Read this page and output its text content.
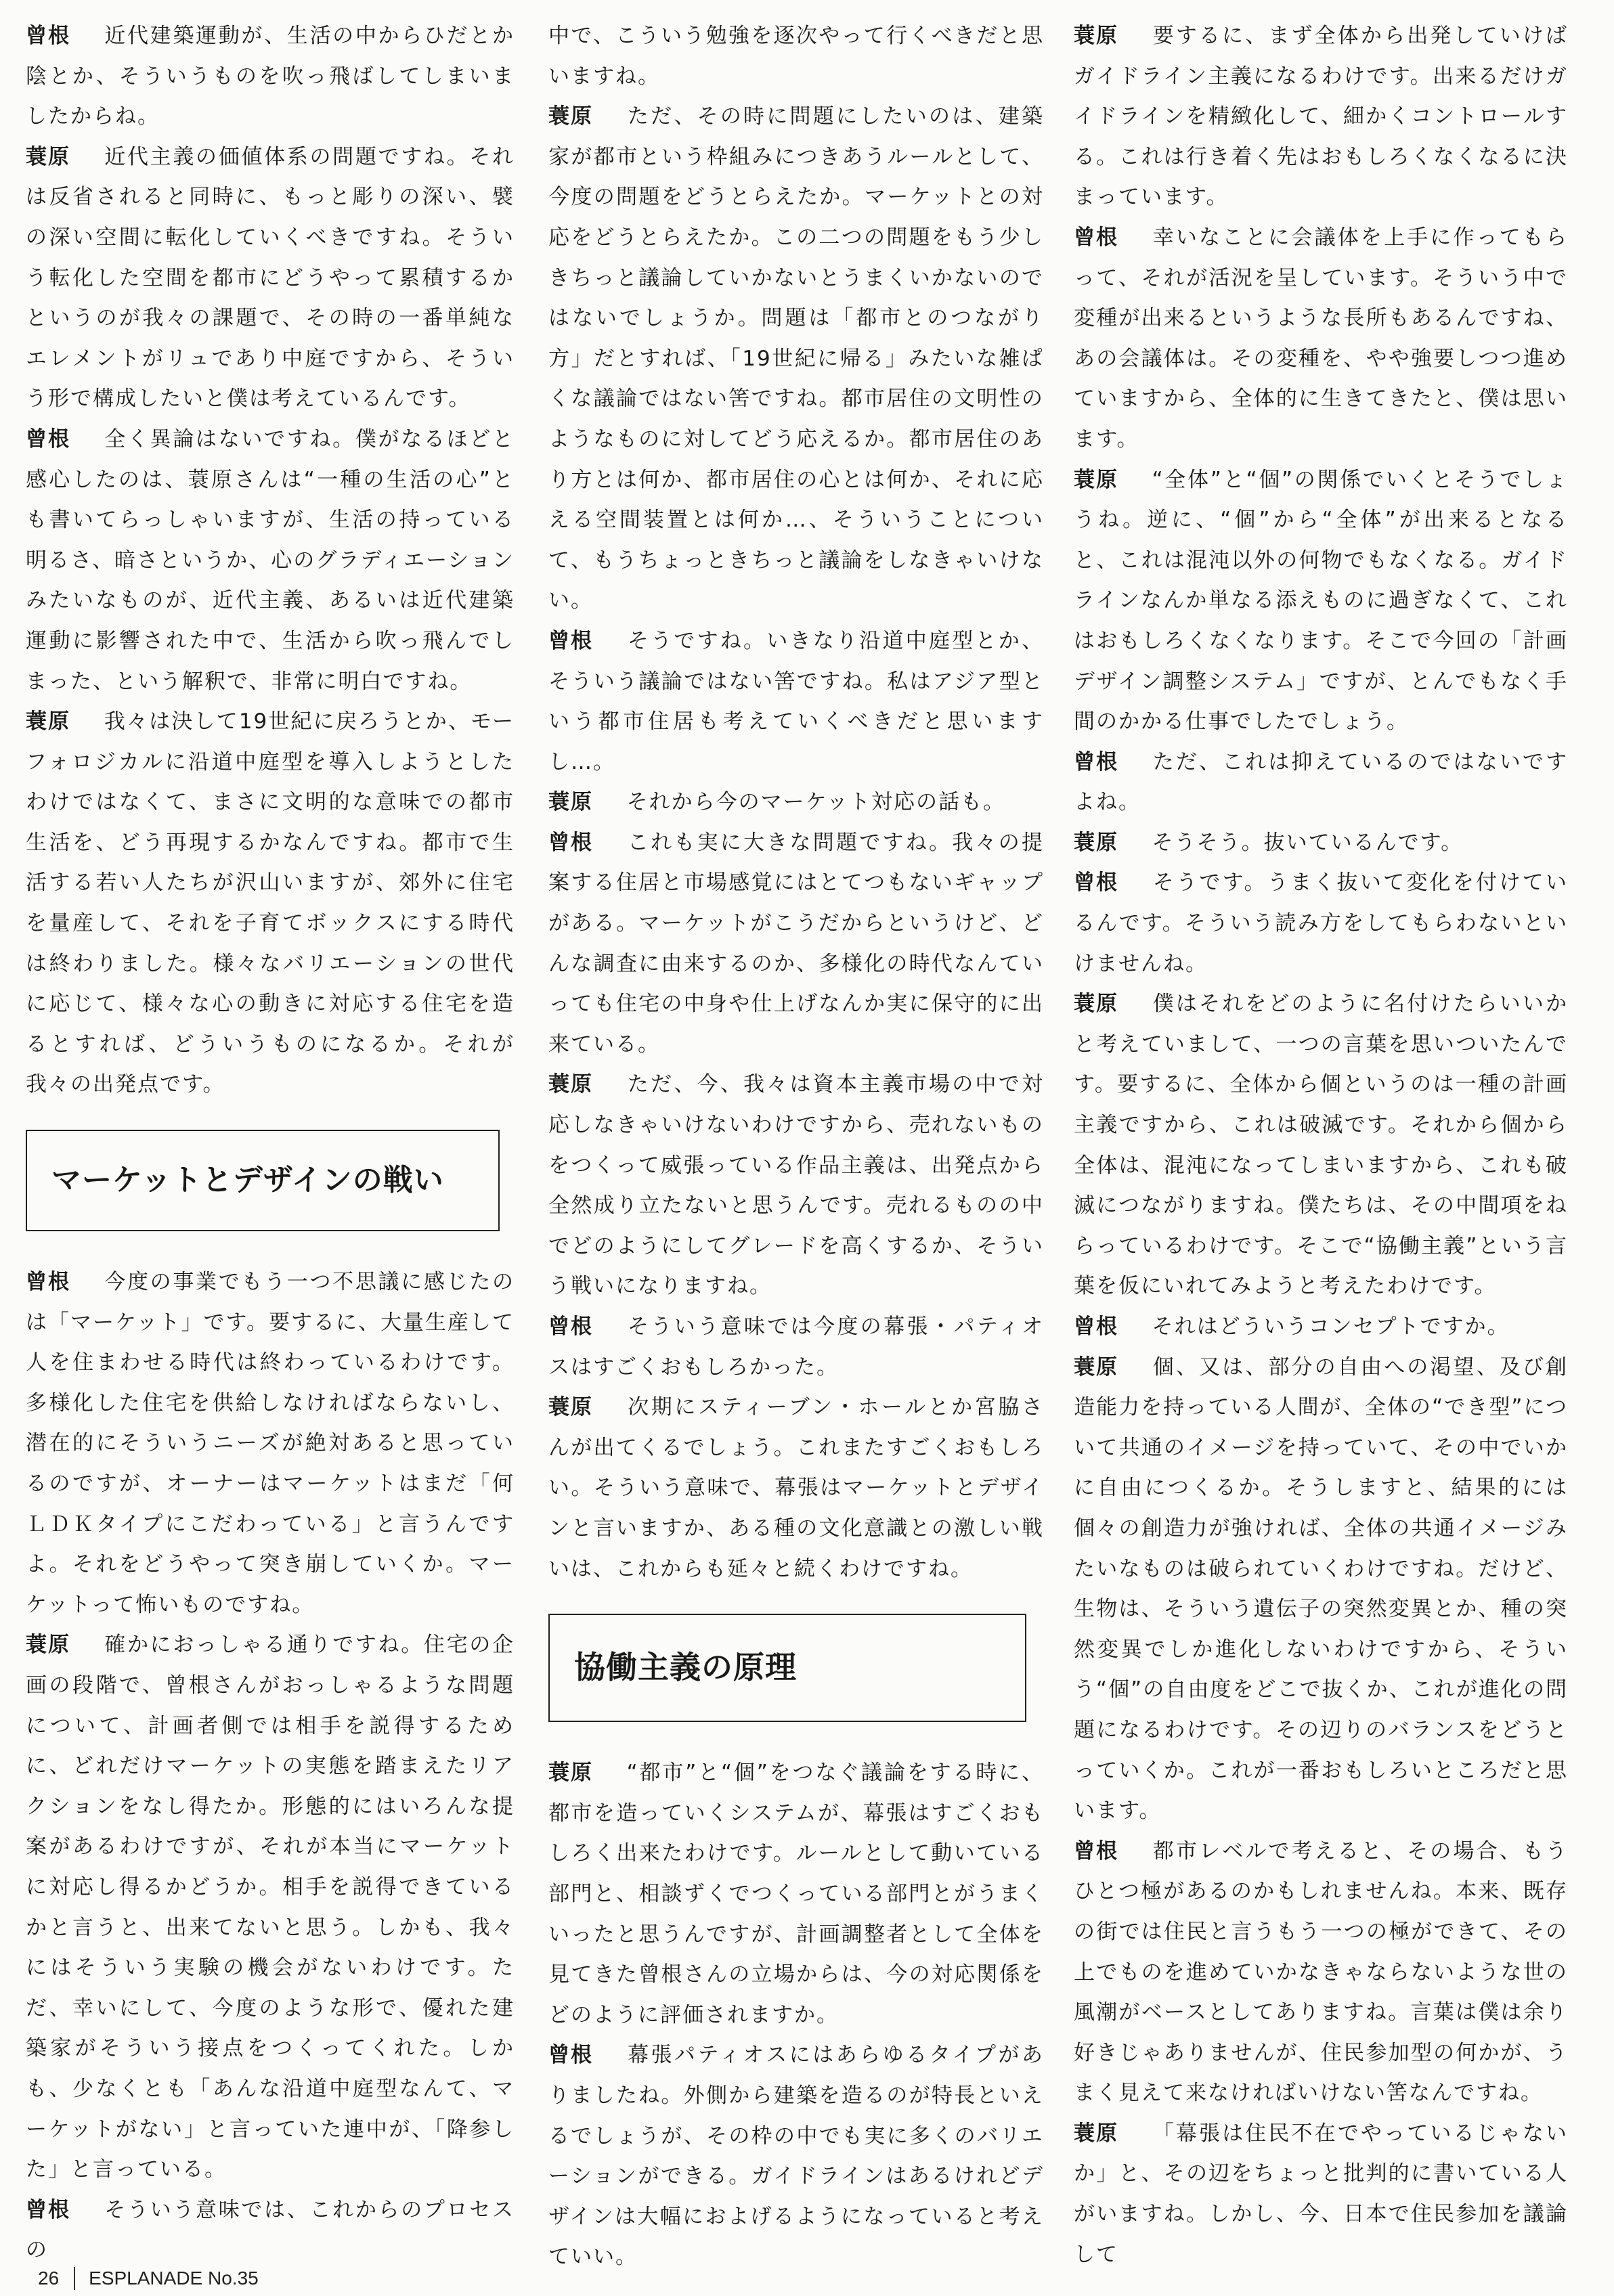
曾根 近代建築運動が、生活の中からひだとか陰とか、そういうものを吹っ飛ばしてしまいましたからね。

蓑原 近代主義の価値体系の問題ですね。それは反省されると同時に、もっと彫りの深い、襞の深い空間に転化していくべきですね。そういう転化した空間を都市にどうやって累積するかというのが我々の課題で、その時の一番単純なエレメントがリュであり中庭ですから、そういう形で構成したいと僕は考えているんです。

曾根 全く異論はないですね。僕がなるほどと感心したのは、蓑原さんは“一種の生活の心”とも書いてらっしゃいますが、生活の持っている明るさ、暗さというか、心のグラディエーションみたいなものが、近代主義、あるいは近代建築運動に影響された中で、生活から吹っ飛んでしまった、という解釈で、非常に明白ですね。

蓑原 我々は決して19世紀に戻ろうとか、モーフォロジカルに沿道中庭型を導入しようとしたわけではなくて、まさに文明的な意味での都市生活を、どう再現するかなんですね。都市で生活する若い人たちが沢山いますが、郊外に住宅を量産して、それを子育てボックスにする時代は終わりました。様々なバリエーションの世代に応じて、様々な心の動きに対応する住宅を造るとすれば、どういうものになるか。それが我々の出発点です。

マーケットとデザインの戦い

曾根 今度の事業でもう一つ不思議に感じたのは「マーケット」です。要するに、大量生産して人を住まわせる時代は終わっているわけです。多様化した住宅を供給しなければならないし、潜在的にそういうニーズが絶対あると思っているのですが、オーナーはマーケットはまだ「何ＬＤＫタイプにこだわっている」と言うんですよ。それをどうやって突き崩していくか。マーケットって怖いものですね。

蓑原 確かにおっしゃる通りですね。住宅の企画の段階で、曾根さんがおっしゃるような問題について、計画者側では相手を説得するために、どれだけマーケットの実態を踏まえたリアクションをなし得たか。形態的にはいろんな提案があるわけですが、それが本当にマーケットに対応し得るかどうか。相手を説得できているかと言うと、出来てないと思う。しかも、我々にはそういう実験の機会がないわけです。ただ、幸いにして、今度のような形で、優れた建築家がそういう接点をつくってくれた。しかも、少なくとも「あんな沿道中庭型なんて、マーケットがない」と言っていた連中が、「降参した」と言っている。

曾根 そういう意味では、これからのプロセスの

中で、こういう勉強を逐次やって行くべきだと思いますね。

蓑原 ただ、その時に問題にしたいのは、建築家が都市という枠組みにつきあうルールとして、今度の問題をどうとらえたか。マーケットとの対応をどうとらえたか。この二つの問題をもう少しきちっと議論していかないとうまくいかないのではないでしょうか。問題は「都市とのつながり方」だとすれば、「19世紀に帰る」みたいな雑ぱくな議論ではない筈ですね。都市居住の文明性のようなものに対してどう応えるか。都市居住のあり方とは何か、都市居住の心とは何か、それに応える空間装置とは何か…、そういうことについて、もうちょっときちっと議論をしなきゃいけない。

曾根 そうですね。いきなり沿道中庭型とか、そういう議論ではない筈ですね。私はアジア型という都市住居も考えていくべきだと思いますし…。

蓑原 それから今のマーケット対応の話も。

曾根 これも実に大きな問題ですね。我々の提案する住居と市場感覚にはとてつもないギャップがある。マーケットがこうだからというけど、どんな調査に由来するのか、多様化の時代なんていっても住宅の中身や仕上げなんか実に保守的に出来ている。

蓑原 ただ、今、我々は資本主義市場の中で対応しなきゃいけないわけですから、売れないものをつくって威張っている作品主義は、出発点から全然成り立たないと思うんです。売れるものの中でどのようにしてグレードを高くするか、そういう戦いになりますね。

曾根 そういう意味では今度の幕張・パティオスはすごくおもしろかった。

蓑原 次期にスティーブン・ホールとか宮脇さんが出てくるでしょう。これまたすごくおもしろい。そういう意味で、幕張はマーケットとデザインと言いますか、ある種の文化意識との激しい戦いは、これからも延々と続くわけですね。

協働主義の原理

蓑原 “都市”と“個”をつなぐ議論をする時に、都市を造っていくシステムが、幕張はすごくおもしろく出来たわけです。ルールとして動いている部門と、相談ずくでつくっている部門とがうまくいったと思うんですが、計画調整者として全体を見てきた曾根さんの立場からは、今の対応関係をどのように評価されますか。

曾根 幕張パティオスにはあらゆるタイプがありましたね。外側から建築を造るのが特長といえるでしょうが、その枠の中でも実に多くのバリエーションができる。ガイドラインはあるけれどデザインは大幅におよげるようになっていると考えていい。

蓑原 要するに、まず全体から出発していけばガイドライン主義になるわけです。出来るだけガイドラインを精緻化して、細かくコントロールする。これは行き着く先はおもしろくなくなるに決まっています。

曾根 幸いなことに会議体を上手に作ってもらって、それが活況を呈しています。そういう中で変種が出来るというような長所もあるんですね、あの会議体は。その変種を、やや強要しつつ進めていますから、全体的に生きてきたと、僕は思います。

蓑原 “全体”と“個”の関係でいくとそうでしょうね。逆に、“個”から“全体”が出来るとなると、これは混沌以外の何物でもなくなる。ガイドラインなんか単なる添えものに過ぎなくて、これはおもしろくなくなります。そこで今回の「計画デザイン調整システム」ですが、とんでもなく手間のかかる仕事でしたでしょう。

曾根 ただ、これは抑えているのではないですよね。

蓑原 そうそう。抜いているんです。

曾根 そうです。うまく抜いて変化を付けているんです。そういう読み方をしてもらわないといけませんね。

蓑原 僕はそれをどのように名付けたらいいかと考えていまして、一つの言葉を思いついたんです。要するに、全体から個というのは一種の計画主義ですから、これは破滅です。それから個から全体は、混沌になってしまいますから、これも破滅につながりますね。僕たちは、その中間項をねらっているわけです。そこで“協働主義”という言葉を仮にいれてみようと考えたわけです。

曾根 それはどういうコンセプトですか。

蓑原 個、又は、部分の自由への渇望、及び創造能力を持っている人間が、全体の“でき型”について共通のイメージを持っていて、その中でいかに自由につくるか。そうしますと、結果的には個々の創造力が強ければ、全体の共通イメージみたいなものは破られていくわけですね。だけど、生物は、そういう遺伝子の突然変異とか、種の突然変異でしか進化しないわけですから、そういう“個”の自由度をどこで抜くか、これが進化の問題になるわけです。その辺りのバランスをどうとっていくか。これが一番おもしろいところだと思います。

曾根 都市レベルで考えると、その場合、もうひとつ極があるのかもしれませんね。本来、既存の街では住民と言うもう一つの極ができて、その上でものを進めていかなきゃならないような世の風潮がベースとしてありますね。言葉は僕は余り好きじゃありませんが、住民参加型の何かが、うまく見えて来なければいけない筈なんですね。

蓑原 「幕張は住民不在でやっているじゃないか」と、その辺をちょっと批判的に書いている人がいますね。しかし、今、日本で住民参加を議論して

26 ESPLANADE No.35
